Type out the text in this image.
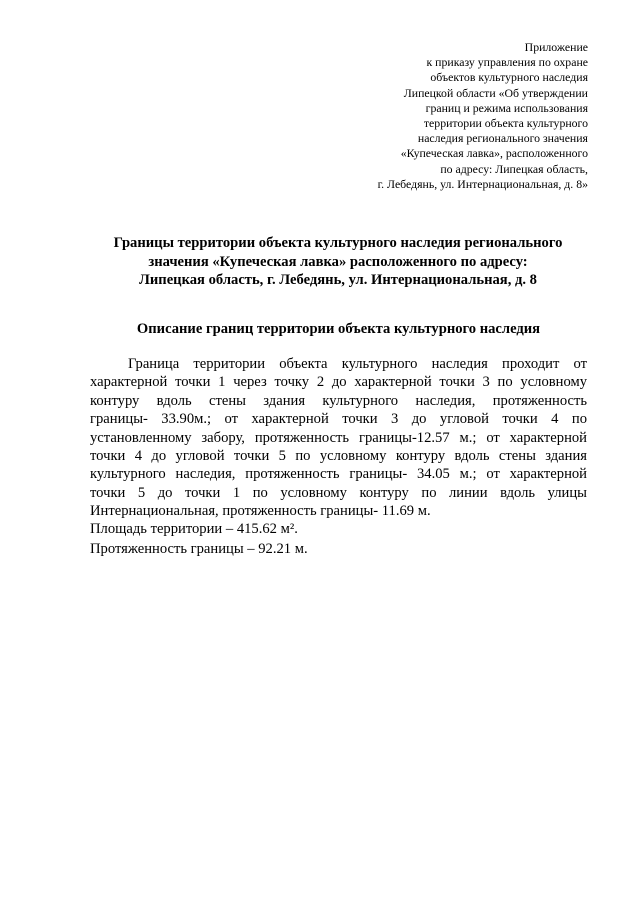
Приложение
к приказу управления по охране
объектов культурного наследия
Липецкой области «Об утверждении
границ и режима использования
территории объекта культурного
наследия регионального значения
«Купеческая лавка», расположенного
по адресу: Липецкая область,
г. Лебедянь, ул. Интернациональная, д. 8»
Границы территории объекта культурного наследия регионального
значения «Купеческая лавка» расположенного по адресу:
Липецкая область, г. Лебедянь, ул. Интернациональная, д. 8
Описание границ территории объекта культурного наследия
Граница территории объекта культурного наследия проходит от
характерной точки 1 через точку 2 до характерной точки 3 по условному
контуру вдоль стены здания культурного наследия, протяженность
границы- 33.90м.; от характерной точки 3 до угловой точки 4 по
установленному забору, протяженность границы-12.57 м.; от характерной
точки 4 до угловой точки 5 по условному контуру вдоль стены здания
культурного наследия, протяженность границы- 34.05 м.; от характерной
точки 5 до точки 1 по условному контуру по линии вдоль улицы
Интернациональная, протяженность границы- 11.69 м.
Площадь территории – 415.62 м².
Протяженность границы – 92.21 м.
